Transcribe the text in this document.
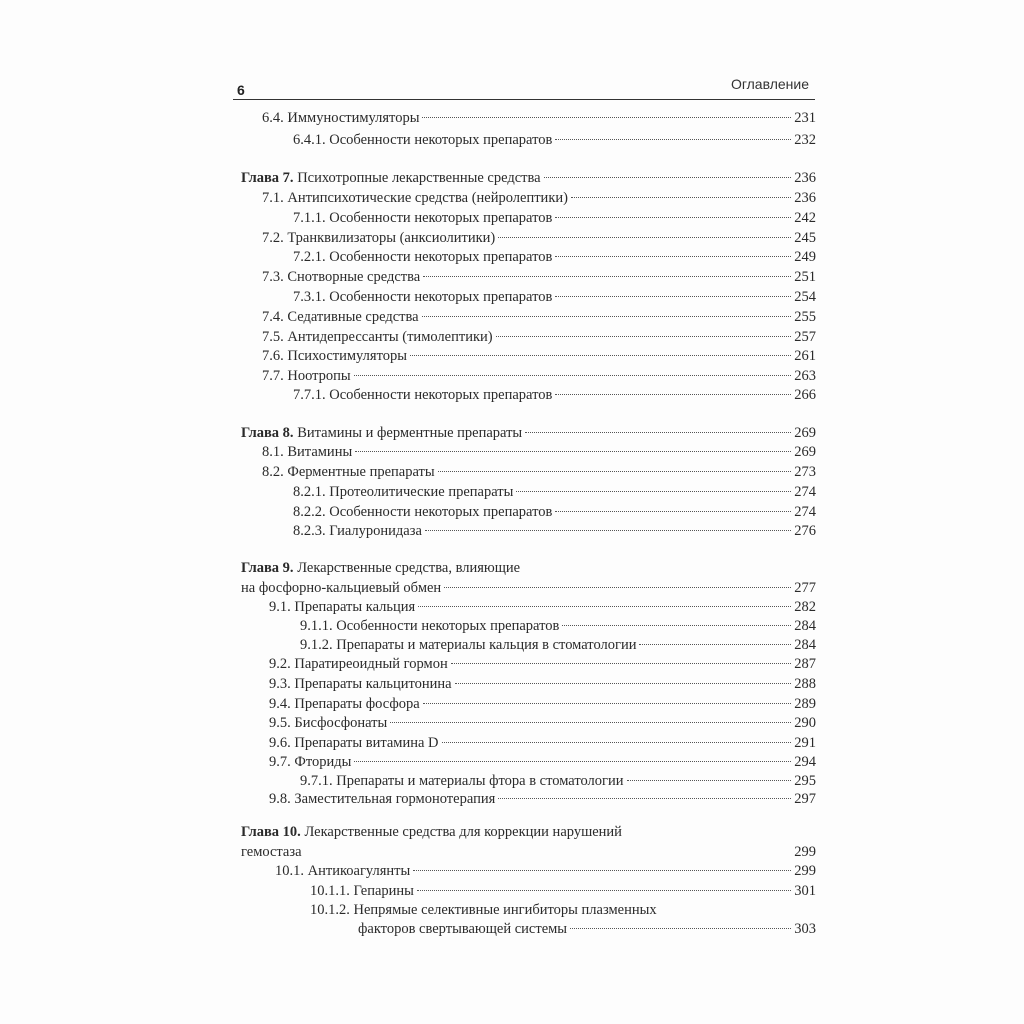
6	Оглавление
6.4. Иммуностимуляторы	231
6.4.1. Особенности некоторых препаратов	232
Глава 7. Психотропные лекарственные средства	236
7.1. Антипсихотические средства (нейролептики)	236
7.1.1. Особенности некоторых препаратов	242
7.2. Транквилизаторы (анксиолитики)	245
7.2.1. Особенности некоторых препаратов	249
7.3. Снотворные средства	251
7.3.1. Особенности некоторых препаратов	254
7.4. Седативные средства	255
7.5. Антидепрессанты (тимолептики)	257
7.6. Психостимуляторы	261
7.7. Ноотропы	263
7.7.1. Особенности некоторых препаратов	266
Глава 8. Витамины и ферментные препараты	269
8.1. Витамины	269
8.2. Ферментные препараты	273
8.2.1. Протеолитические препараты	274
8.2.2. Особенности некоторых препаратов	274
8.2.3. Гиалуронидаза	276
Глава 9. Лекарственные средства, влияющие
на фосфорно-кальциевый обмен	277
9.1. Препараты кальция	282
9.1.1. Особенности некоторых препаратов	284
9.1.2. Препараты и материалы кальция в стоматологии	284
9.2. Паратиреоидный гормон	287
9.3. Препараты кальцитонина	288
9.4. Препараты фосфора	289
9.5. Бисфосфонаты	290
9.6. Препараты витамина D	291
9.7. Фториды	294
9.7.1. Препараты и материалы фтора в стоматологии	295
9.8. Заместительная гормонотерапия	297
Глава 10. Лекарственные средства для коррекции нарушений
гемостаза	299
10.1. Антикоагулянты	299
10.1.1. Гепарины	301
10.1.2. Непрямые селективные ингибиторы плазменных
факторов свертывающей системы	303
